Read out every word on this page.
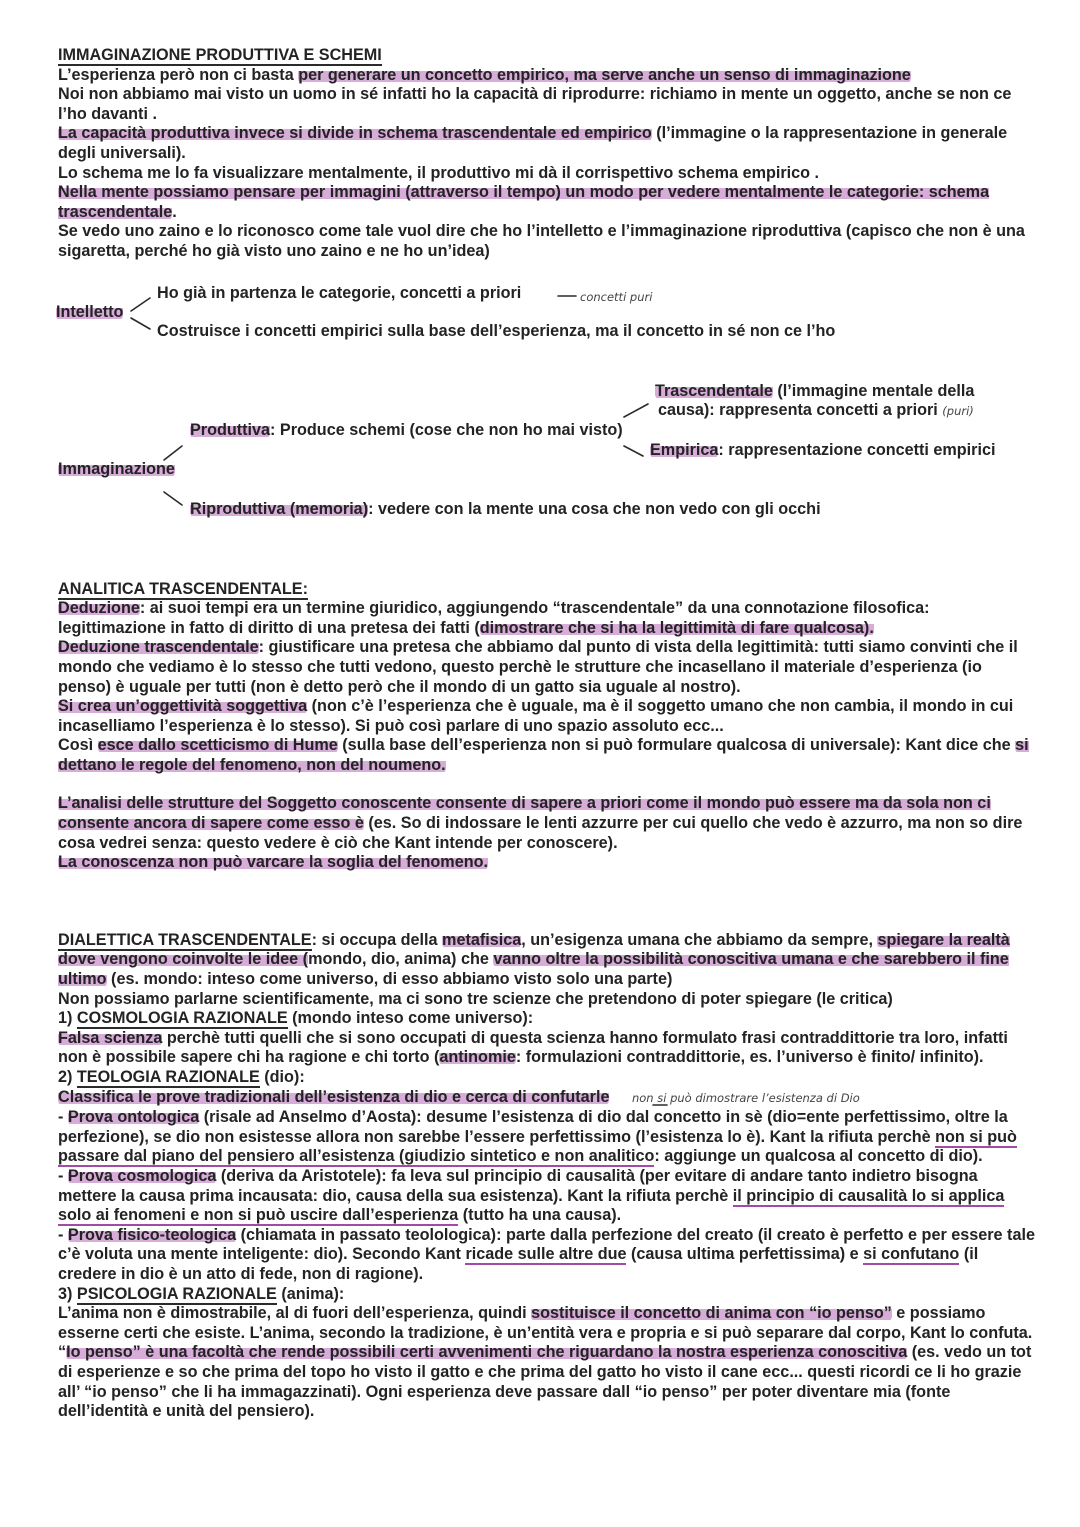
IMMAGINAZIONE PRODUTTIVA E SCHEMI

L’esperienza però non ci basta per generare un concetto empirico, ma serve anche un senso di immaginazione

Noi non abbiamo mai visto un uomo in sé infatti ho la capacità di riprodurre: richiamo in mente un oggetto, anche se non ce l’ho davanti .

La capacità produttiva invece si divide in schema trascendentale ed empirico (l’immagine o la rappresentazione in generale degli universali).

Lo schema me lo fa visualizzare mentalmente, il produttivo mi dà il corrispettivo schema empirico .

Nella mente possiamo pensare per immagini (attraverso il tempo) un modo per vedere mentalmente le categorie: schema trascendentale.

Se vedo uno zaino e lo riconosco come tale vuol dire che ho l’intelletto e l’immaginazione riproduttiva (capisco che non è una sigaretta, perché ho già visto uno zaino e ne ho un’idea)

ANALITICA TRASCENDENTALE:

Deduzione: ai suoi tempi era un termine giuridico, aggiungendo “trascendentale” da una connotazione filosofica: legittimazione in fatto di diritto di una pretesa dei fatti (dimostrare che si ha la legittimità di fare qualcosa).

Deduzione trascendentale: giustificare una pretesa che abbiamo dal punto di vista della legittimità: tutti siamo convinti che il mondo che vediamo è lo stesso che tutti vedono, questo perchè le strutture che incasellano il materiale d’esperienza (io penso) è uguale per tutti (non è detto però che il mondo di un gatto sia uguale al nostro).

Si crea un’oggettività soggettiva (non c’è l’esperienza che è uguale, ma è il soggetto umano che non cambia, il mondo in cui incaselliamo l’esperienza è lo stesso). Si può così parlare di uno spazio assoluto ecc...

Così esce dallo scetticismo di Hume (sulla base dell’esperienza non si può formulare qualcosa di universale): Kant dice che si dettano le regole del fenomeno, non del noumeno.

L’analisi delle strutture del Soggetto conoscente consente di sapere a priori come il mondo può essere ma da sola non ci consente ancora di sapere come esso è (es. So di indossare le lenti azzurre per cui quello che vedo è azzurro, ma non so dire cosa vedrei senza: questo vedere è ciò che Kant intende per conoscere).

La conoscenza non può varcare la soglia del fenomeno.

DIALETTICA TRASCENDENTALE: si occupa della metafisica, un’esigenza umana che abbiamo da sempre, spiegare la realtà dove vengono coinvolte le idee (mondo, dio, anima) che vanno oltre la possibilità conoscitiva umana e che sarebbero il fine ultimo (es. mondo: inteso come universo, di esso abbiamo visto solo una parte)

Non possiamo parlarne scientificamente, ma ci sono tre scienze che pretendono di poter spiegare (le critica)

1) COSMOLOGIA RAZIONALE (mondo inteso come universo):

Falsa scienza perchè tutti quelli che si sono occupati di questa scienza hanno formulato frasi contraddittorie tra loro, infatti non è possibile sapere chi ha ragione e chi torto (antinomie: formulazioni contraddittorie, es. l’universo è finito/ infinito).

2) TEOLOGIA RAZIONALE (dio):

Classifica le prove tradizionali dell’esistenza di dio e cerca di confutarle non si può dimostrare l’esistenza di Dio

- Prova ontologica (risale ad Anselmo d’Aosta): desume l’esistenza di dio dal concetto in sè (dio=ente perfettissimo, oltre la perfezione), se dio non esistesse allora non sarebbe l’essere perfettissimo (l’esistenza lo è). Kant la rifiuta perchè non si può passare dal piano del pensiero all’esistenza (giudizio sintetico e non analitico: aggiunge un qualcosa al concetto di dio).

- Prova cosmologica (deriva da Aristotele): fa leva sul principio di causalità (per evitare di andare tanto indietro bisogna mettere la causa prima incausata: dio, causa della sua esistenza). Kant la rifiuta perchè il principio di causalità lo si applica solo ai fenomeni e non si può uscire dall’esperienza (tutto ha una causa).

- Prova fisico-teologica (chiamata in passato teolologica): parte dalla perfezione del creato (il creato è perfetto e per essere tale c’è voluta una mente inteligente: dio). Secondo Kant ricade sulle altre due (causa ultima perfettissima) e si confutano (il credere in dio è un atto di fede, non di ragione).

3) PSICOLOGIA RAZIONALE (anima):

L’anima non è dimostrabile, al di fuori dell’esperienza, quindi sostituisce il concetto di anima con “io penso” e possiamo esserne certi che esiste. L’anima, secondo la tradizione, è un’entità vera e propria e si può separare dal corpo, Kant lo confuta. “Io penso” è una facoltà che rende possibili certi avvenimenti che riguardano la nostra esperienza conoscitiva (es. vedo un tot di esperienze e so che prima del topo ho visto il gatto e che prima del gatto ho visto il cane ecc... questi ricordi ce li ho grazie all’ “io penso” che li ha immagazzinati). Ogni esperienza deve passare dall “io penso” per poter diventare mia (fonte dell’identità e unità del pensiero).

Intelletto
Ho già in partenza le categorie, concetti a priori	concetti puri
Costruisce i concetti empirici sulla base dell’esperienza, ma il concetto in sé non ce l’ho
Immaginazione
Produttiva: Produce schemi (cose che non ho mai visto)
Trascendentale (l’immagine mentale della
causa): rappresenta concetti a priori (puri)
Empirica: rappresentazione concetti empirici
Riproduttiva (memoria): vedere con la mente una cosa che non vedo con gli occhi
